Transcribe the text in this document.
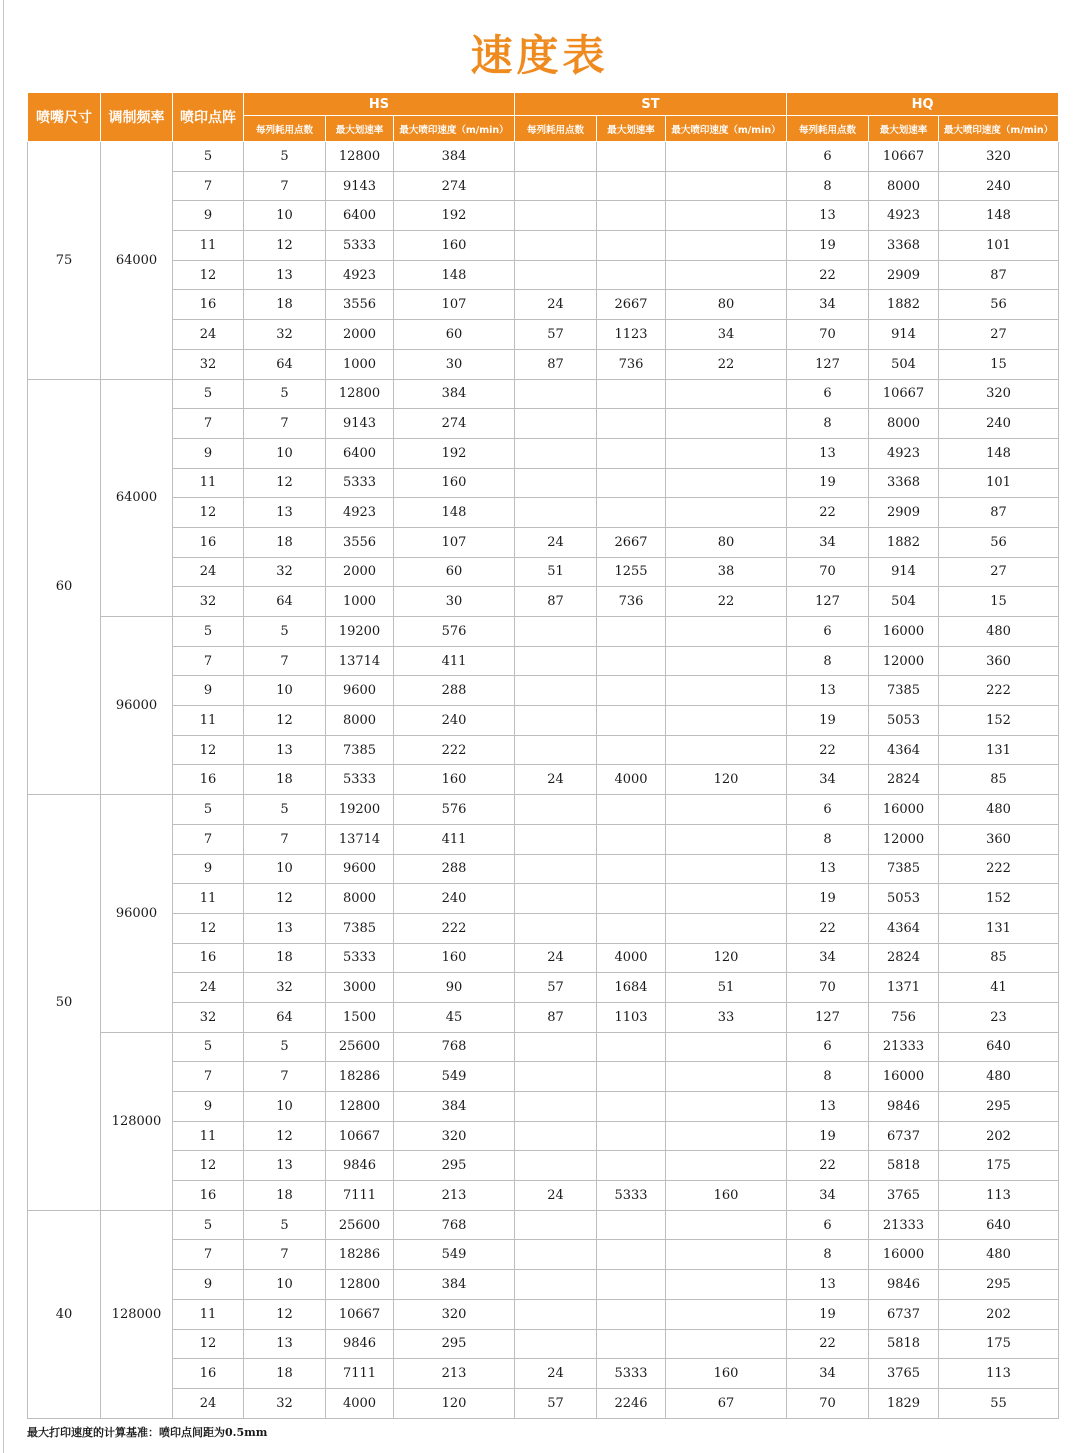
速度表
喷嘴尺寸	调制频率	喷印点阵	HS			ST			HQ		
			每列耗用点数	最大划速率	最大喷印速度（m/min）	每列耗用点数	最大划速率	最大喷印速度（m/min）	每列耗用点数	最大划速率	最大喷印速度（m/min）
75	64000	5	5	12800	384				6	10667	320
		7	7	9143	274				8	8000	240
		9	10	6400	192				13	4923	148
		11	12	5333	160				19	3368	101
		12	13	4923	148				22	2909	87
		16	18	3556	107	24	2667	80	34	1882	56
		24	32	2000	60	57	1123	34	70	914	27
		32	64	1000	30	87	736	22	127	504	15
60	64000	5	5	12800	384				6	10667	320
		7	7	9143	274				8	8000	240
		9	10	6400	192				13	4923	148
		11	12	5333	160				19	3368	101
		12	13	4923	148				22	2909	87
		16	18	3556	107	24	2667	80	34	1882	56
		24	32	2000	60	51	1255	38	70	914	27
		32	64	1000	30	87	736	22	127	504	15
	96000	5	5	19200	576				6	16000	480
		7	7	13714	411				8	12000	360
		9	10	9600	288				13	7385	222
		11	12	8000	240				19	5053	152
		12	13	7385	222				22	4364	131
		16	18	5333	160	24	4000	120	34	2824	85
50	96000	5	5	19200	576				6	16000	480
		7	7	13714	411				8	12000	360
		9	10	9600	288				13	7385	222
		11	12	8000	240				19	5053	152
		12	13	7385	222				22	4364	131
		16	18	5333	160	24	4000	120	34	2824	85
		24	32	3000	90	57	1684	51	70	1371	41
		32	64	1500	45	87	1103	33	127	756	23
	128000	5	5	25600	768				6	21333	640
		7	7	18286	549				8	16000	480
		9	10	12800	384				13	9846	295
		11	12	10667	320				19	6737	202
		12	13	9846	295				22	5818	175
		16	18	7111	213	24	5333	160	34	3765	113
40	128000	5	5	25600	768				6	21333	640
		7	7	18286	549				8	16000	480
		9	10	12800	384				13	9846	295
		11	12	10667	320				19	6737	202
		12	13	9846	295				22	5818	175
		16	18	7111	213	24	5333	160	34	3765	113
		24	32	4000	120	57	2246	67	70	1829	55
最大打印速度的计算基准：喷印点间距为0.5mm
